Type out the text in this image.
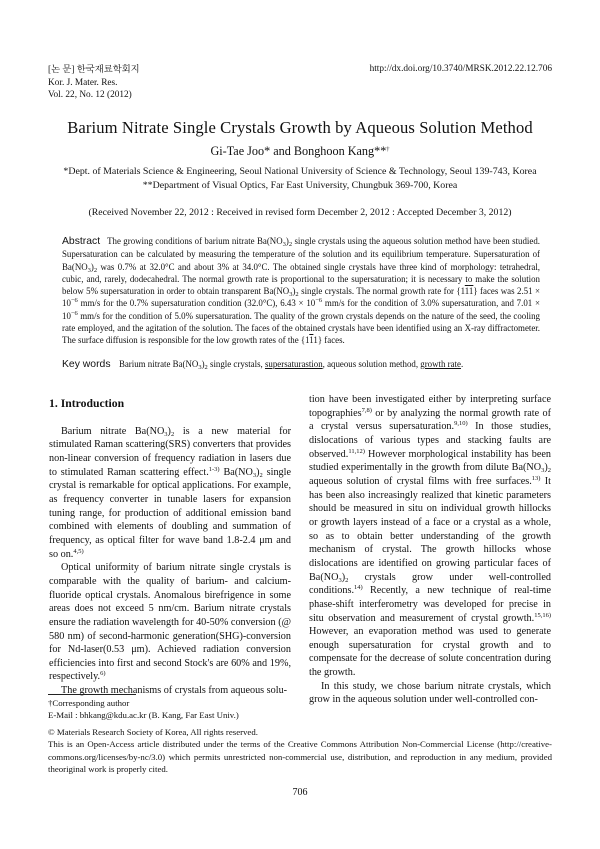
[논 문] 한국재료학회지
Kor. J. Mater. Res.
Vol. 22, No. 12 (2012)
http://dx.doi.org/10.3740/MRSK.2012.22.12.706
Barium Nitrate Single Crystals Growth by Aqueous Solution Method
Gi-Tae Joo* and Bonghoon Kang**†
*Dept. of Materials Science & Engineering, Seoul National University of Science & Technology, Seoul 139-743, Korea
**Department of Visual Optics, Far East University, Chungbuk 369-700, Korea
(Received November 22, 2012 : Received in revised form December 2, 2012 : Accepted December 3, 2012)
Abstract The growing conditions of barium nitrate $Ba(NO_3)_2$ single crystals using the aqueous solution method have been studied. Supersaturation can be calculated by measuring the temperature of the solution and its equilibrium temperature. Supersaturation of $Ba(NO_3)_2$ was 0.7% at 32.0°C and about 3% at 34.0°C. The obtained single crystals have three kind of morphology: tetrahedral, cubic, and, rarely, dodecahedral. The normal growth rate is proportional to the supersaturation; it is necessary to make the solution below 5% supersaturation in order to obtain transparent $Ba(NO_3)_2$ single crystals. The normal growth rate for {111} faces was $2.51 \times 10^{-6}$ mm/s for the 0.7% supersaturation condition (32.0°C), $6.43 \times 10^{-6}$ mm/s for the condition of 3.0% supersaturation, and $7.01 \times 10^{-6}$ mm/s for the condition of 5.0% supersaturation. The quality of the grown crystals depends on the nature of the seed, the cooling rate employed, and the agitation of the solution. The faces of the obtained crystals have been identified using an X-ray diffractometer. The surface diffusion is responsible for the low growth rates of the {111} faces.
Key words Barium nitrate $Ba(NO_3)_2$ single crystals, supersaturastion, aqueous solution method, growth rate.
1. Introduction

Barium nitrate $Ba(NO_3)_2$ is a new material for stimulated Raman scattering(SRS) converters that provides non-linear conversion of frequency radiation in lasers due to stimulated Raman scattering effect.$^{1-3)}$ $Ba(NO_3)_2$ single crystal is remarkable for optical applications. For example, as frequency converter in tunable lasers for expansion tuning range, for production of additional emission band combined with elements of doubling and summation of frequency, as optical filter for wave band 1.8-2.4 μm and so on.$^{4,5)}$

Optical uniformity of barium nitrate single crystals is comparable with the quality of barium- and calcium-fluoride optical crystals. Anomalous birefrigence in some areas does not exceed 5 nm/cm. Barium nitrate crystals ensure the radiation wavelength for 40-50% conversion (@ 580 nm) of second-harmonic generation(SHG)-conversion for Nd-laser(0.53 μm). Achieved radiation conversion efficiencies into first and second Stock's are 60% and 19%, respectively.$^{6)}$

The growth mechanisms of crystals from aqueous solu-

tion have been investigated either by interpreting surface topographies$^{7,8)}$ or by analyzing the normal growth rate of a crystal versus supersaturation.$^{9,10)}$ In those studies, dislocations of various types and stacking faults are observed.$^{11,12)}$ However morphological instability has been studied experimentally in the growth from dilute $Ba(NO_3)_2$ aqueous solution of crystal films with free surfaces.$^{13)}$ It has been also increasingly realized that kinetic parameters should be measured in situ on individual growth hillocks or growth layers instead of a face or a crystal as a whole, so as to obtain better understanding of the growth mechanism of crystal. The growth hillocks whose dislocations are identified on growing particular faces of $Ba(NO_3)_2$ crystals grow under well-controlled conditions.$^{14)}$ Recently, a new technique of real-time phase-shift interferometry was developed for precise in situ observation and measurement of crystal growth.$^{15,16)}$ However, an evaporation method was used to generate enough supersaturation for crystal growth and to compensate for the decrease of solute concentration during the growth.

In this study, we chose barium nitrate crystals, which grow in the aqueous solution under well-controlled con-

†Corresponding author
E-Mail : bhkang@kdu.ac.kr (B. Kang, Far East Univ.)
© Materials Research Society of Korea, All rights reserved.
This is an Open-Access article distributed under the terms of the Creative Commons Attribution Non-Commercial License (http://creative-commons.org/licenses/by-nc/3.0) which permits unrestricted non-commercial use, distribution, and reproduction in any medium, provided theoriginal work is properly cited.
706
